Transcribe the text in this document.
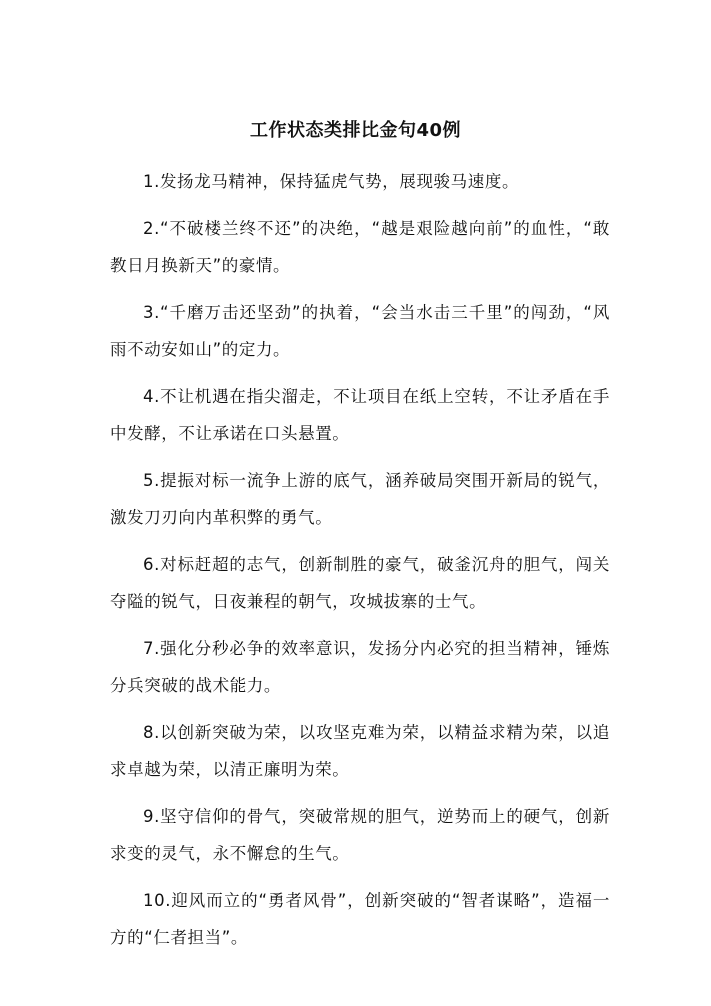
工作状态类排比金句40例

1.发扬龙马精神，保持猛虎气势，展现骏马速度。

2.“不破楼兰终不还”的决绝，“越是艰险越向前”的血性，“敢教日月换新天”的豪情。

3.“千磨万击还坚劲”的执着，“会当水击三千里”的闯劲，“风雨不动安如山”的定力。

4.不让机遇在指尖溜走，不让项目在纸上空转，不让矛盾在手中发酵，不让承诺在口头悬置。

5.提振对标一流争上游的底气，涵养破局突围开新局的锐气，激发刀刃向内革积弊的勇气。

6.对标赶超的志气，创新制胜的豪气，破釜沉舟的胆气，闯关夺隘的锐气，日夜兼程的朝气，攻城拔寨的士气。

7.强化分秒必争的效率意识，发扬分内必究的担当精神，锤炼分兵突破的战术能力。

8.以创新突破为荣，以攻坚克难为荣，以精益求精为荣，以追求卓越为荣，以清正廉明为荣。

9.坚守信仰的骨气，突破常规的胆气，逆势而上的硬气，创新求变的灵气，永不懈怠的生气。

10.迎风而立的“勇者风骨”，创新突破的“智者谋略”，造福一方的“仁者担当”。
